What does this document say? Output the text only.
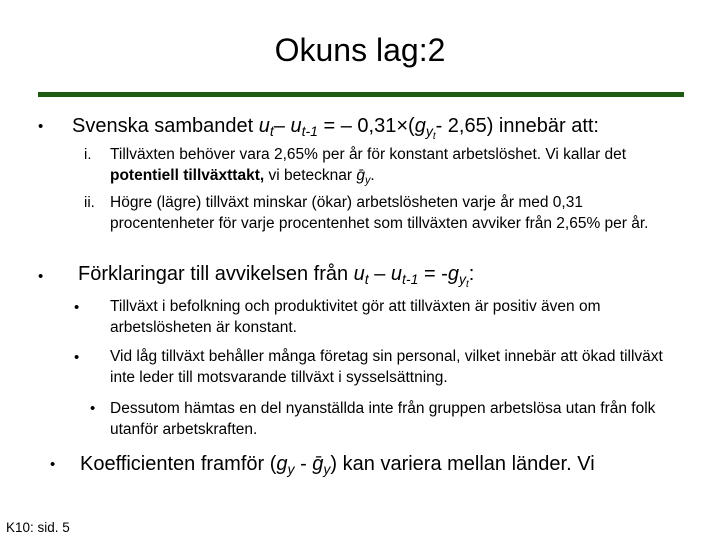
Okuns lag:2
• Svenska sambandet $u_t-$ $u_{t-1}$ = – $0,31\times(g_{y_t}-$ 2,65) innebär att:
i. Tillväxten behöver vara 2,65% per år för konstant arbetslöshet. Vi kallar det potentiell tillväxttakt, vi betecknar ḡ$_y$.
ii. Högre (lägre) tillväxt minskar (ökar) arbetslösheten varje år med 0,31 procentenheter för varje procentenhet som tillväxten avviker från 2,65% per år.
• Förklaringar till avvikelsen från $u_t - u_{t-1} = -g_{y_t}$:
• Tillväxt i befolkning och produktivitet gör att tillväxten är positiv även om arbetslösheten är konstant.
• Vid låg tillväxt behåller många företag sin personal, vilket innebär att ökad tillväxt inte leder till motsvarande tillväxt i sysselsättning.
• Dessutom hämtas en del nyanställda inte från gruppen arbetslösa utan från folk utanför arbetskraften.
• Koefficienten framför ($g_y$ - ḡ$_y$) kan variera mellan länder. Vi
K10: sid. 5
